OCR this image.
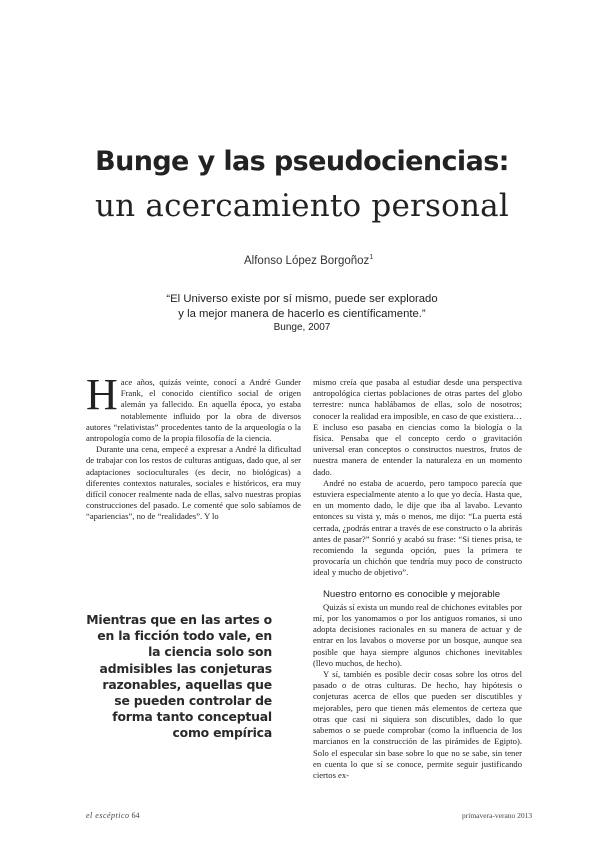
Bunge y las pseudociencias:
un acercamiento personal
Alfonso López Borgoñoz$^1$
“El Universo existe por sí mismo, puede ser explorado
y la mejor manera de hacerlo es científicamente.”
Bunge, 2007

Hace años, quizás veinte, conocí a André Gunder Frank, el conocido científico social de origen alemán ya fallecido. En aquella época, yo estaba notablemente influido por la obra de diversos autores “relativistas” procedentes tanto de la arqueología o la antropología como de la propia filosofía de la ciencia.

Durante una cena, empecé a expresar a André la dificultad de trabajar con los restos de culturas antiguas, dado que, al ser adaptaciones socioculturales (es decir, no biológicas) a diferentes contextos naturales, sociales e históricos, era muy difícil conocer realmente nada de ellas, salvo nuestras propias construcciones del pasado. Le comenté que solo sabíamos de “apariencias”, no de “realidades”. Y lo

mismo creía que pasaba al estudiar desde una perspectiva antropológica ciertas poblaciones de otras partes del globo terrestre: nunca hablábamos de ellas, solo de nosotros; conocer la realidad era imposible, en caso de que existiera… E incluso eso pasaba en ciencias como la biología o la física. Pensaba que el concepto cerdo o gravitación universal eran conceptos o constructos nuestros, frutos de nuestra manera de entender la naturaleza en un momento dado.

André no estaba de acuerdo, pero tampoco parecía que estuviera especialmente atento a lo que yo decía. Hasta que, en un momento dado, le dije que iba al lavabo. Levanto entonces su vista y, más o menos, me dijo: “La puerta está cerrada, ¿podrás entrar a través de ese constructo o la abrirás antes de pasar?” Sonrió y acabó su frase: “Si tienes prisa, te recomiendo la segunda opción, pues la primera te provocaría un chichón que tendría muy poco de constructo ideal y mucho de objetivo”.

Nuestro entorno es conocible y mejorable

Quizás sí exista un mundo real de chichones evitables por mí, por los yanomamos o por los antiguos romanos, si uno adopta decisiones racionales en su manera de actuar y de entrar en los lavabos o moverse por un bosque, aunque sea posible que haya siempre algunos chichones inevitables (llevo muchos, de hecho).

Y sí, también es posible decir cosas sobre los otros del pasado o de otras culturas. De hecho, hay hipótesis o conjeturas acerca de ellos que pueden ser discutibles y mejorables, pero que tienen más elementos de certeza que otras que casi ni siquiera son discutibles, dado lo que sabemos o se puede comprobar (como la influencia de los marcianos en la construcción de las pirámides de Egipto). Solo el especular sin base sobre lo que no se sabe, sin tener en cuenta lo que sí se conoce, permite seguir justificando ciertos ex-

Mientras que en las artes o en la ficción todo vale, en la ciencia solo son admisibles las conjeturas razonables, aquellas que se pueden controlar de forma tanto conceptual como empírica
el escéptico 64	primavera-verano 2013
